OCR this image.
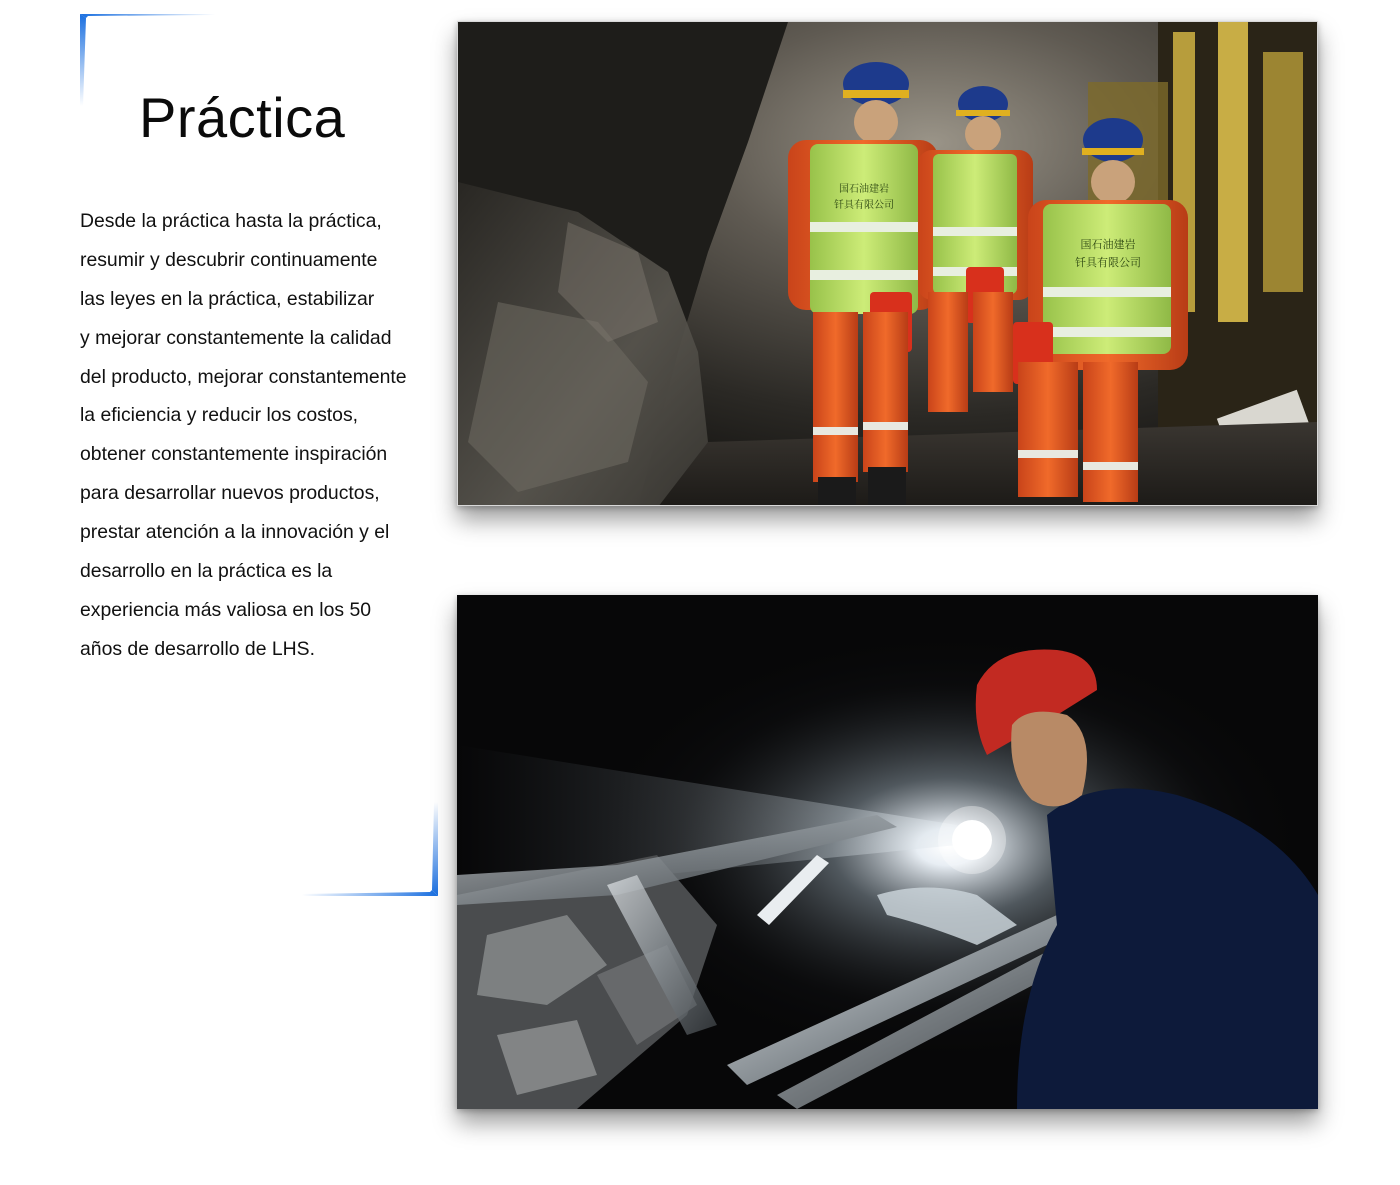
Práctica
Desde la práctica hasta la práctica,
resumir y descubrir continuamente
las leyes en la práctica, estabilizar
y mejorar constantemente la calidad
del producto, mejorar constantemente
la eficiencia y reducir los costos,
obtener constantemente inspiración
para desarrollar nuevos productos,
prestar atención a la innovación y el
desarrollo en la práctica es la
experiencia más valiosa en los 50
años de desarrollo de LHS.
国石油建岩
钎具有限公司
国石油建岩
钎具有限公司
